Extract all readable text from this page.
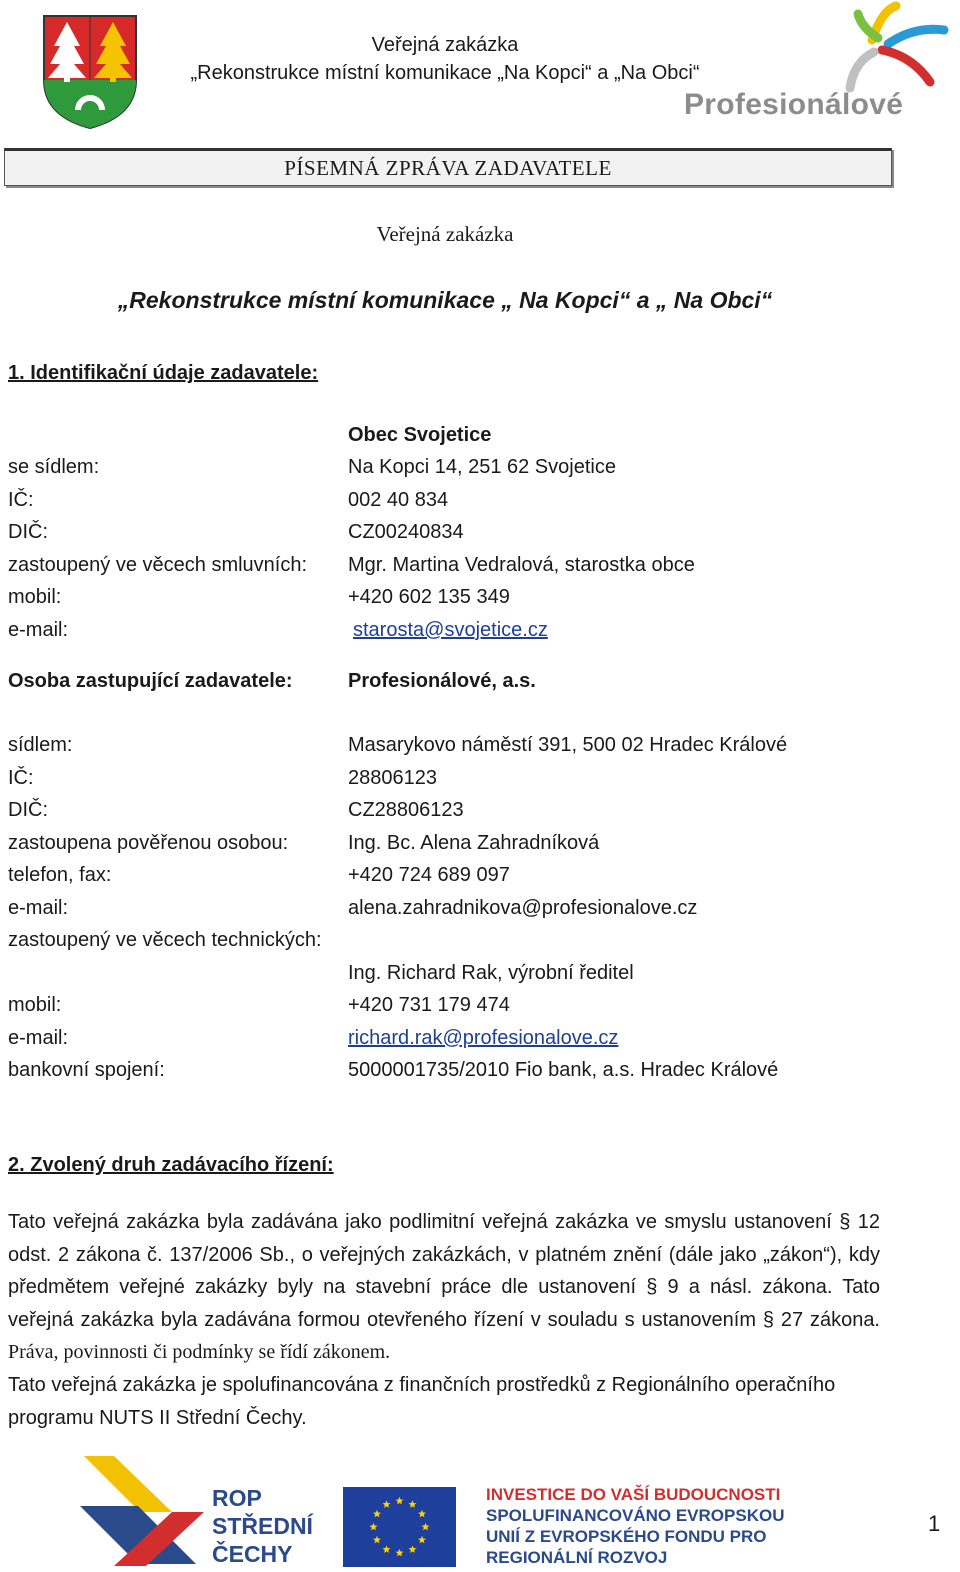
Veřejná zakázka
„Rekonstrukce místní komunikace „Na Kopci“ a „Na Obci“
Profesionálové
PÍSEMNÁ ZPRÁVA ZADAVATELE
Veřejná zakázka
„Rekonstrukce místní komunikace „ Na Kopci“ a „ Na Obci“
1. Identifikační údaje zadavatele:
Obec Svojetice
se sídlem:	Na Kopci 14, 251 62 Svojetice
IČ:	002 40 834
DIČ:	CZ00240834
zastoupený ve věcech smluvních: Mgr. Martina Vedralová, starostka obce
mobil:	+420 602 135 349
e-mail:	starosta@svojetice.cz
Osoba zastupující zadavatele:	Profesionálové, a.s.
sídlem:	Masarykovo náměstí 391, 500 02 Hradec Králové
IČ:	28806123
DIČ:	CZ28806123
zastoupena pověřenou osobou:	Ing. Bc. Alena Zahradníková
telefon, fax:	+420 724 689 097
e-mail:	alena.zahradnikova@profesionalove.cz
zastoupený ve věcech technických:
Ing. Richard Rak, výrobní ředitel
mobil:	+420 731 179 474
e-mail:	richard.rak@profesionalove.cz
bankovní spojení:	5000001735/2010 Fio bank, a.s. Hradec Králové
2. Zvolený druh zadávacího řízení:
Tato veřejná zakázka byla zadávána jako podlimitní veřejná zakázka ve smyslu ustanovení § 12 odst. 2 zákona č. 137/2006 Sb., o veřejných zakázkách, v platném znění (dále jako „zákon“), kdy předmětem veřejné zakázky byly na stavební práce dle ustanovení § 9 a násl. zákona. Tato veřejná zakázka byla zadávána formou otevřeného řízení v souladu s ustanovením § 27 zákona. Práva, povinnosti či podmínky se řídí zákonem.
Tato veřejná zakázka je spolufinancována z finančních prostředků z Regionálního operačního programu NUTS II Střední Čechy.
ROP
STŘEDNÍ
ČECHY
INVESTICE DO VAŠÍ BUDOUCNOSTI
SPOLUFINANCOVÁNO EVROPSKOU
UNIÍ Z EVROPSKÉHO FONDU PRO
REGIONÁLNÍ ROZVOJ
1
